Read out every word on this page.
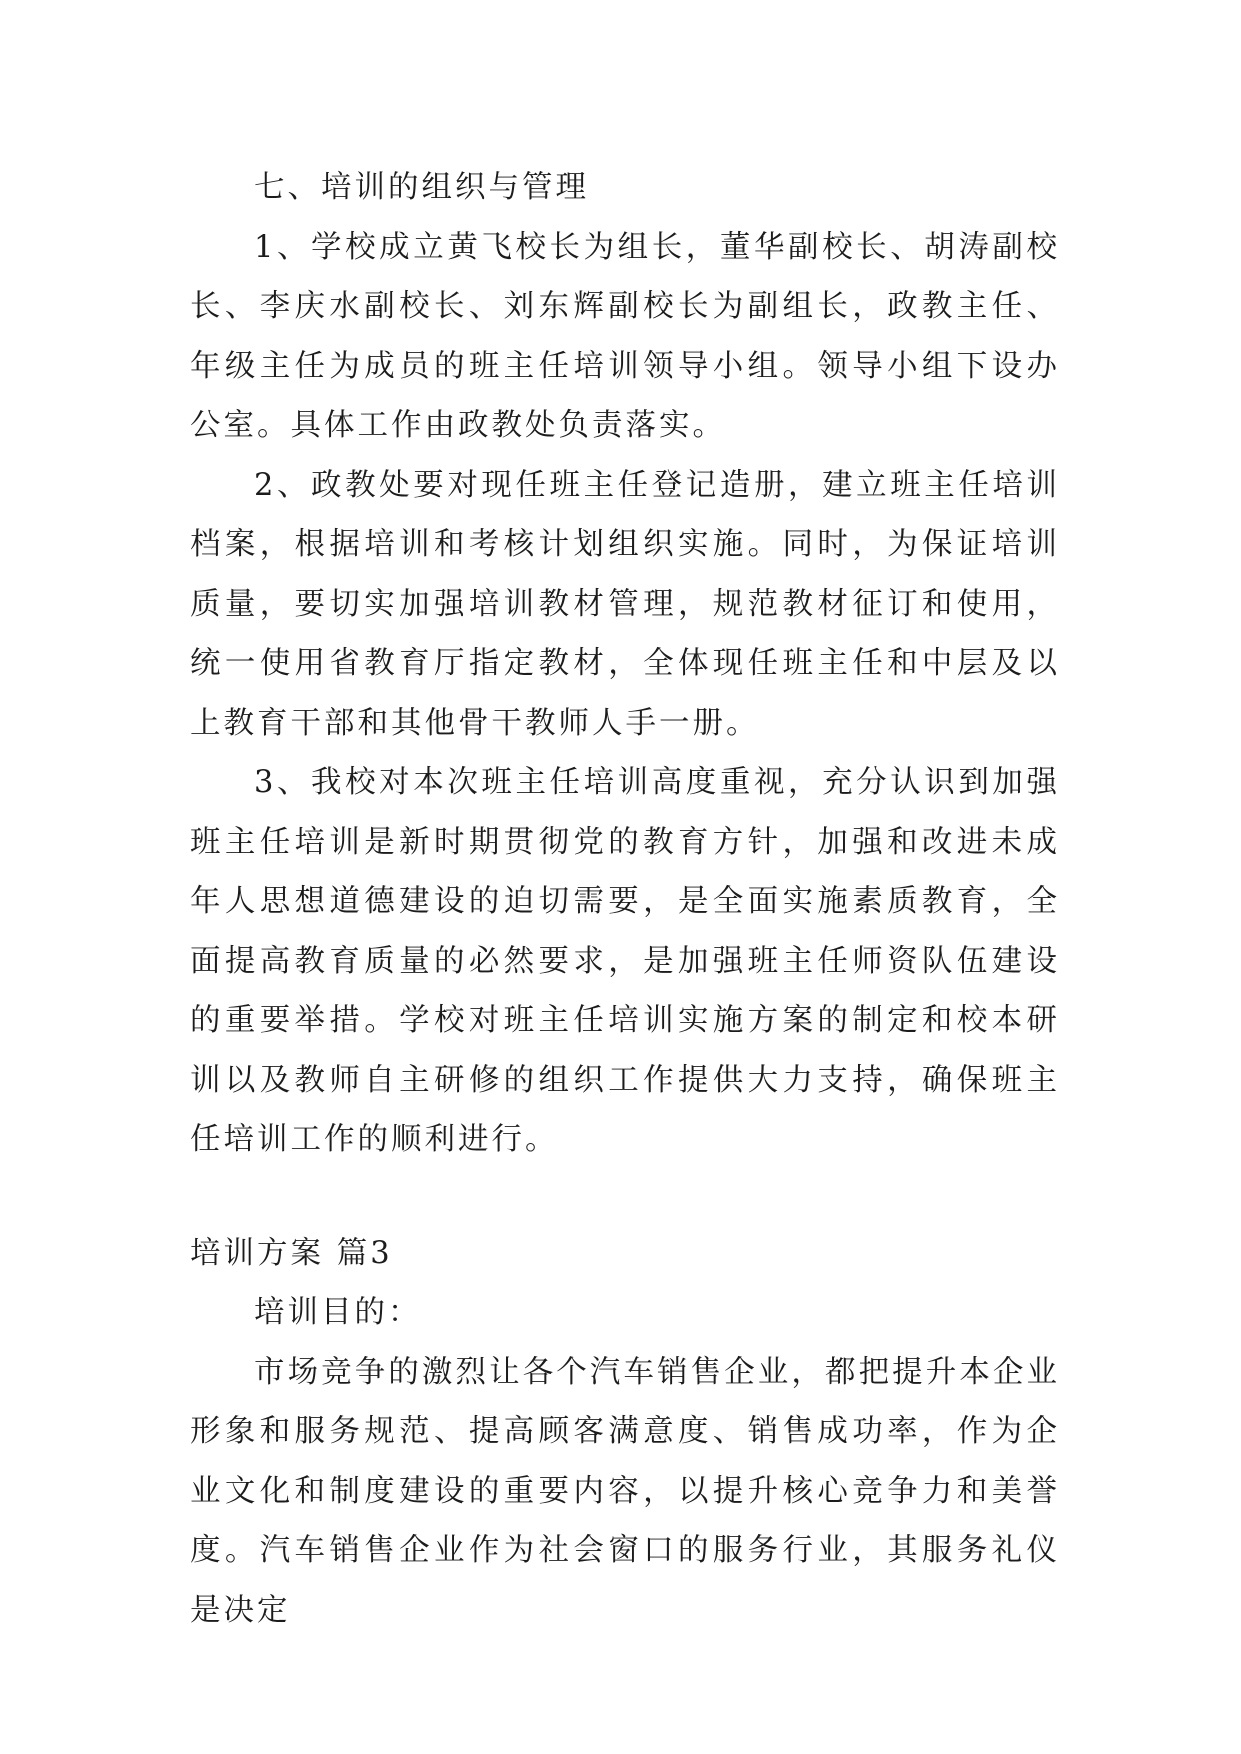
七、培训的组织与管理

1、学校成立黄飞校长为组长，董华副校长、胡涛副校长、李庆水副校长、刘东辉副校长为副组长，政教主任、年级主任为成员的班主任培训领导小组。领导小组下设办公室。具体工作由政教处负责落实。

2、政教处要对现任班主任登记造册，建立班主任培训档案，根据培训和考核计划组织实施。同时，为保证培训质量，要切实加强培训教材管理，规范教材征订和使用，统一使用省教育厅指定教材，全体现任班主任和中层及以上教育干部和其他骨干教师人手一册。

3、我校对本次班主任培训高度重视，充分认识到加强班主任培训是新时期贯彻党的教育方针，加强和改进未成年人思想道德建设的迫切需要，是全面实施素质教育，全面提高教育质量的必然要求，是加强班主任师资队伍建设的重要举措。学校对班主任培训实施方案的制定和校本研训以及教师自主研修的组织工作提供大力支持，确保班主任培训工作的顺利进行。

培训方案 篇3

培训目的：

市场竞争的激烈让各个汽车销售企业，都把提升本企业形象和服务规范、提高顾客满意度、销售成功率，作为企业文化和制度建设的重要内容，以提升核心竞争力和美誉度。汽车销售企业作为社会窗口的服务行业，其服务礼仪是决定
